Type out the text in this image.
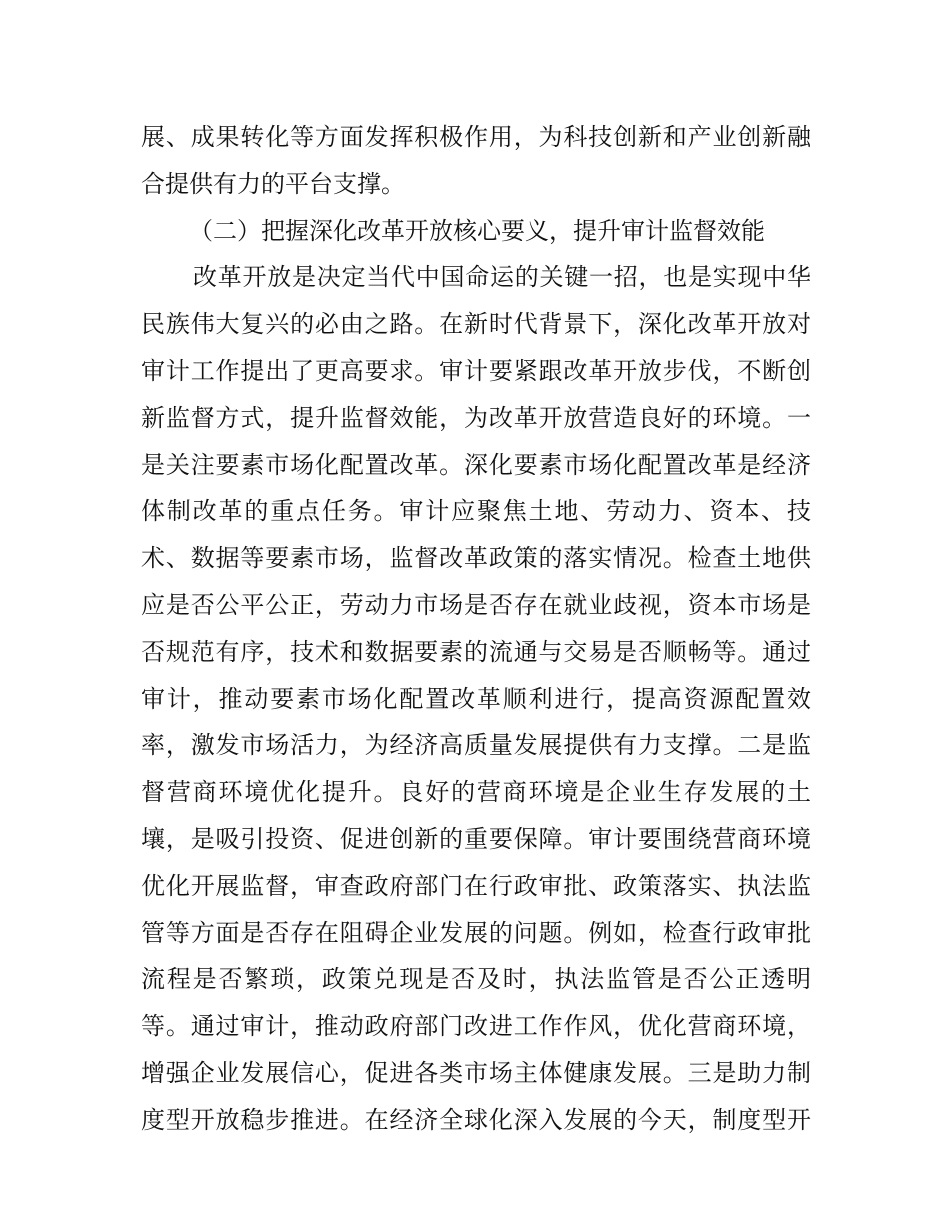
展、成果转化等方面发挥积极作用，为科技创新和产业创新融
合提供有力的平台支撑。
（二）把握深化改革开放核心要义，提升审计监督效能
改革开放是决定当代中国命运的关键一招，也是实现中华
民族伟大复兴的必由之路。在新时代背景下，深化改革开放对
审计工作提出了更高要求。审计要紧跟改革开放步伐，不断创
新监督方式，提升监督效能，为改革开放营造良好的环境。一
是关注要素市场化配置改革。深化要素市场化配置改革是经济
体制改革的重点任务。审计应聚焦土地、劳动力、资本、技
术、数据等要素市场，监督改革政策的落实情况。检查土地供
应是否公平公正，劳动力市场是否存在就业歧视，资本市场是
否规范有序，技术和数据要素的流通与交易是否顺畅等。通过
审计，推动要素市场化配置改革顺利进行，提高资源配置效
率，激发市场活力，为经济高质量发展提供有力支撑。二是监
督营商环境优化提升。良好的营商环境是企业生存发展的土
壤，是吸引投资、促进创新的重要保障。审计要围绕营商环境
优化开展监督，审查政府部门在行政审批、政策落实、执法监
管等方面是否存在阻碍企业发展的问题。例如，检查行政审批
流程是否繁琐，政策兑现是否及时，执法监管是否公正透明
等。通过审计，推动政府部门改进工作作风，优化营商环境，
增强企业发展信心，促进各类市场主体健康发展。三是助力制
度型开放稳步推进。在经济全球化深入发展的今天，制度型开
